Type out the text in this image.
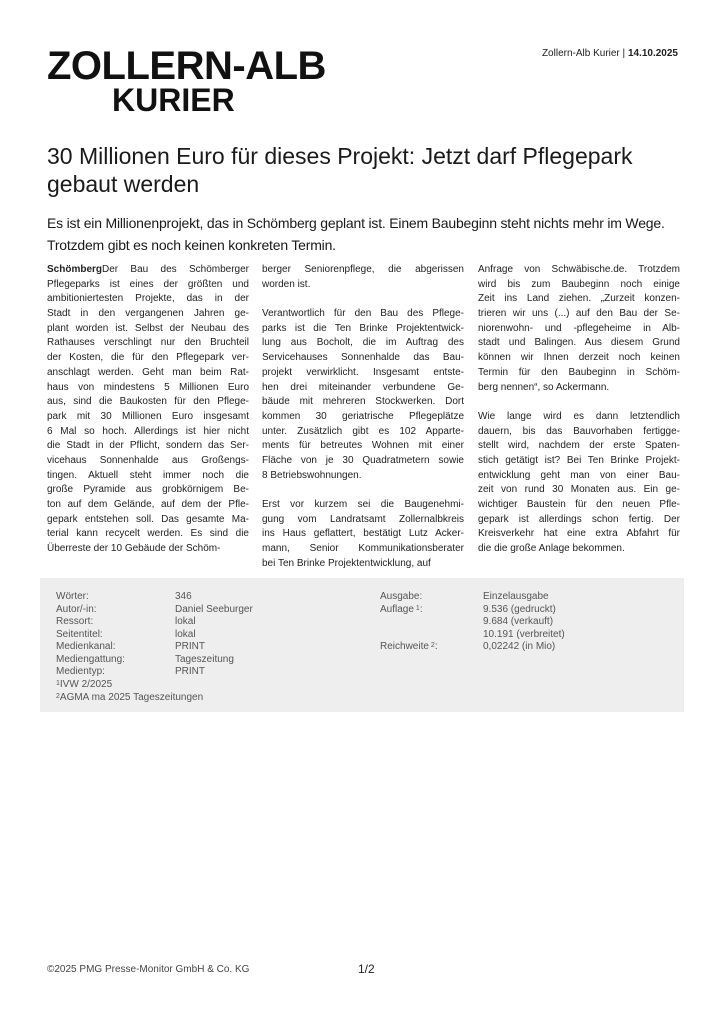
ZOLLERN-ALB
KURIER
Zollern-Alb Kurier | 14.10.2025
30 Millionen Euro für dieses Projekt: Jetzt darf Pflegepark gebaut werden
Es ist ein Millionenprojekt, das in Schömberg geplant ist. Einem Baubeginn steht nichts mehr im Wege. Trotzdem gibt es noch keinen konkreten Termin.
SchömbergDer Bau des Schömberger
Pflegeparks ist eines der größten und
ambitioniertesten Projekte, das in der
Stadt in den vergangenen Jahren ge-
plant worden ist. Selbst der Neubau des
Rathauses verschlingt nur den Bruchteil
der Kosten, die für den Pflegepark ver-
anschlagt werden. Geht man beim Rat-
haus von mindestens 5 Millionen Euro
aus, sind die Baukosten für den Pflege-
park mit 30 Millionen Euro insgesamt
6 Mal so hoch. Allerdings ist hier nicht
die Stadt in der Pflicht, sondern das Ser-
vicehaus Sonnenhalde aus Großengs-
tingen. Aktuell steht immer noch die
große Pyramide aus grobkörnigem Be-
ton auf dem Gelände, auf dem der Pfle-
gepark entstehen soll. Das gesamte Ma-
terial kann recycelt werden. Es sind die
Überreste der 10 Gebäude der Schöm-
berger Seniorenpflege, die abgerissen
worden ist.
Verantwortlich für den Bau des Pflege-
parks ist die Ten Brinke Projektentwick-
lung aus Bocholt, die im Auftrag des
Servicehauses Sonnenhalde das Bau-
projekt verwirklicht. Insgesamt entste-
hen drei miteinander verbundene Ge-
bäude mit mehreren Stockwerken. Dort
kommen 30 geriatrische Pflegeplätze
unter. Zusätzlich gibt es 102 Apparte-
ments für betreutes Wohnen mit einer
Fläche von je 30 Quadratmetern sowie
8 Betriebswohnungen.
Erst vor kurzem sei die Baugenehmi-
gung vom Landratsamt Zollernalbkreis
ins Haus geflattert, bestätigt Lutz Acker-
mann, Senior Kommunikationsberater
bei Ten Brinke Projektentwicklung, auf
Anfrage von Schwäbische.de. Trotzdem
wird bis zum Baubeginn noch einige
Zeit ins Land ziehen. „Zurzeit konzen-
trieren wir uns (...) auf den Bau der Se-
niorenwohn- und -pflegeheime in Alb-
stadt und Balingen. Aus diesem Grund
können wir Ihnen derzeit noch keinen
Termin für den Baubeginn in Schöm-
berg nennen“, so Ackermann.
Wie lange wird es dann letztendlich
dauern, bis das Bauvorhaben fertigge-
stellt wird, nachdem der erste Spaten-
stich getätigt ist? Bei Ten Brinke Projekt-
entwicklung geht man von einer Bau-
zeit von rund 30 Monaten aus. Ein ge-
wichtiger Baustein für den neuen Pfle-
gepark ist allerdings schon fertig. Der
Kreisverkehr hat eine extra Abfahrt für
die die große Anlage bekommen.
Wörter:	346
Autor/-in:	Daniel Seeburger
Ressort:	lokal
Seitentitel:	lokal
Medienkanal:	PRINT
Mediengattung:	Tageszeitung
Medientyp:	PRINT
Ausgabe:	Einzelausgabe
Auflage $^1$:	9.536 (gedruckt)
9.684 (verkauft)
10.191 (verbreitet)
Reichweite $^2$:	0,02242 (in Mio)
$^1$IVW 2/2025
$^2$AGMA ma 2025 Tageszeitungen
©2025 PMG Presse-Monitor GmbH & Co. KG	1/2
